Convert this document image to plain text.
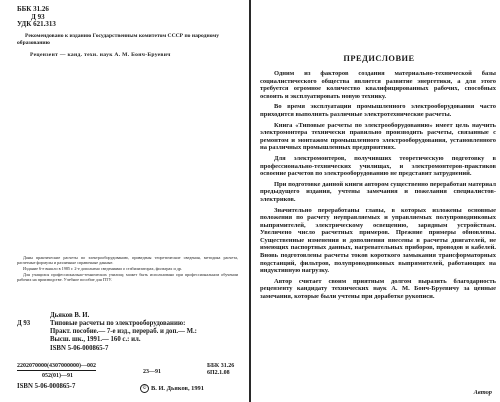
ББК 31.26
Д 93
УДК 621.313
Рекомендовано к изданию Государственным комитетом СССР по народному образованию
Рецензент — канд. техн. наук А. М. Бонч-Бруевич

Даны практические расчеты по электрооборудованию, приведены теоретические сведения, методика расчета, расчетные формулы и различные справочные данные.

Издание 6-е вышло в 1985 г. 2-е дополнено сведениями о стабилизаторах, фильтрах и др.

Для учащихся профессионально-технических училищ; может быть использовано при профессиональном обучении рабочих на производстве. Учебное пособие для ПТУ.

Дьяков В. И.
Д 93	Типовые расчеты по электрооборудованию:
Практ. пособие.— 7-е изд., перераб. и доп.— М.:
Высш. шк., 1991.— 160 с.: ил.
ISBN 5-06-000865-7
2202070000(4307000000)—002
052(01)—91
23—91
ББК 31.26
6П2.1.08
ISBN 5-06-000865-7	© В. И. Дьяков, 1991
ПРЕДИСЛОВИЕ

Одним из факторов создания материально-технической базы социалистического общества является развитие энергетики, а для этого требуется огромное количество квалифицированных рабочих, способных освоить и эксплуатировать новую технику.

Во время эксплуатации промышленного электрооборудования часто приходится выполнять различные электротехнические расчеты.

Книга «Типовые расчеты по электрооборудованию» имеет цель научить электромонтера технически правильно производить расчеты, связанные с ремонтом и монтажом промышленного электрооборудования, установленного на различных промышленных предприятиях.

Для электромонтеров, получивших теоретическую подготовку в профессионально-технических училищах, и электромонтеров-практиков освоение расчетов по электрооборудованию не представит затруднений.

При подготовке данной книги автором существенно переработан материал предыдущего издания, учтены замечания и пожелания специалистов-электриков.

Значительно переработаны главы, в которых изложены основные положения по расчету неуправляемых и управляемых полупроводниковых выпрямителей, электрическому освещению, зарядным устройствам. Увеличено число расчетных примеров. Прежние примеры обновлены. Существенные изменения и дополнения внесены в расчеты двигателей, не имеющих паспортных данных, нагревательных приборов, проводов и кабелей. Вновь подготовлены расчеты токов короткого замыкания трансформаторных подстанций, фильтров, полупроводниковых выпрямителей, работающих на индуктивную нагрузку.

Автор считает своим приятным долгом выразить благодарность рецензенту кандидату технических наук А. М. Бонч-Бруевичу за ценные замечания, которые были учтены при доработке рукописи.

Автор
